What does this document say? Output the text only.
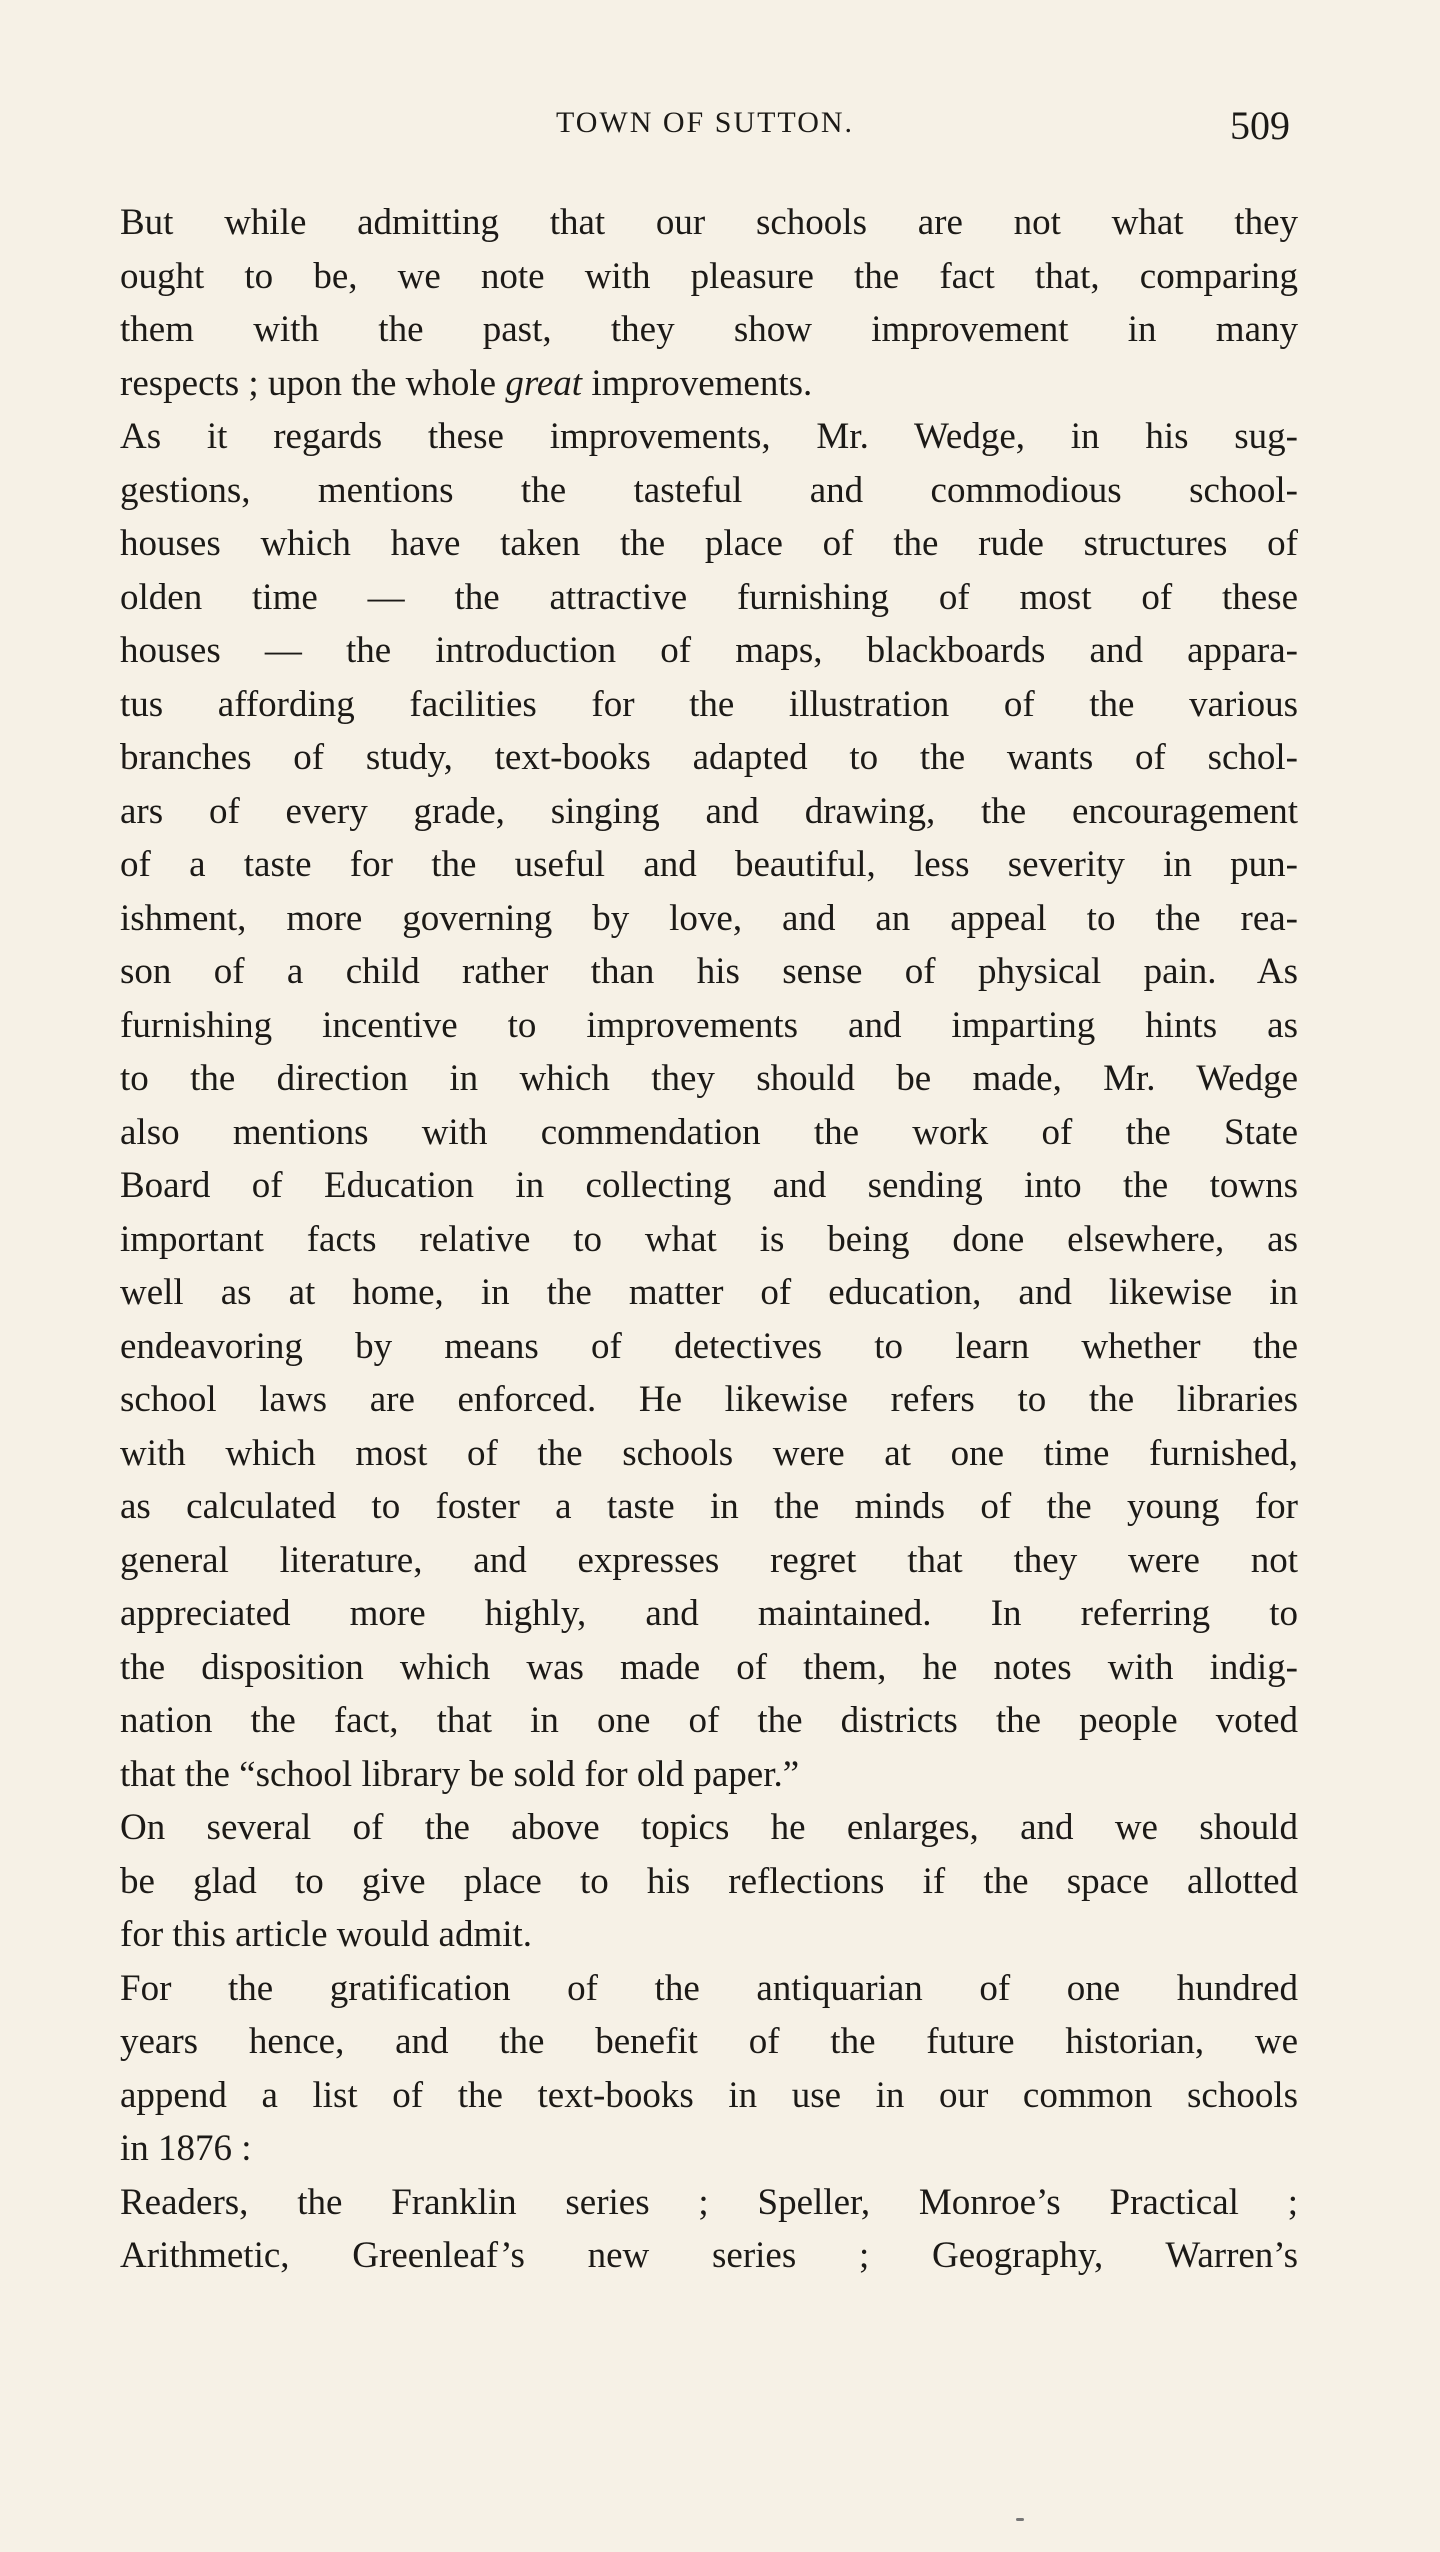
TOWN OF SUTTON.	509

But while admitting that our schools are not what they
ought to be, we note with pleasure the fact that, comparing
them with the past, they show improvement in many
respects ; upon the whole great improvements.

As it regards these improvements, Mr. Wedge, in his sug-
gestions, mentions the tasteful and commodious school-
houses which have taken the place of the rude structures of
olden time — the attractive furnishing of most of these
houses — the introduction of maps, blackboards and appara-
tus affording facilities for the illustration of the various
branches of study, text-books adapted to the wants of schol-
ars of every grade, singing and drawing, the encouragement
of a taste for the useful and beautiful, less severity in pun-
ishment, more governing by love, and an appeal to the rea-
son of a child rather than his sense of physical pain. As
furnishing incentive to improvements and imparting hints as
to the direction in which they should be made, Mr. Wedge
also mentions with commendation the work of the State
Board of Education in collecting and sending into the towns
important facts relative to what is being done elsewhere, as
well as at home, in the matter of education, and likewise in
endeavoring by means of detectives to learn whether the
school laws are enforced. He likewise refers to the libraries
with which most of the schools were at one time furnished,
as calculated to foster a taste in the minds of the young for
general literature, and expresses regret that they were not
appreciated more highly, and maintained. In referring to
the disposition which was made of them, he notes with indig-
nation the fact, that in one of the districts the people voted
that the “school library be sold for old paper.”

On several of the above topics he enlarges, and we should
be glad to give place to his reflections if the space allotted
for this article would admit.

For the gratification of the antiquarian of one hundred
years hence, and the benefit of the future historian, we
append a list of the text-books in use in our common schools
in 1876 :

Readers, the Franklin series ; Speller, Monroe’s Practical ;
Arithmetic, Greenleaf’s new series ; Geography, Warren’s
